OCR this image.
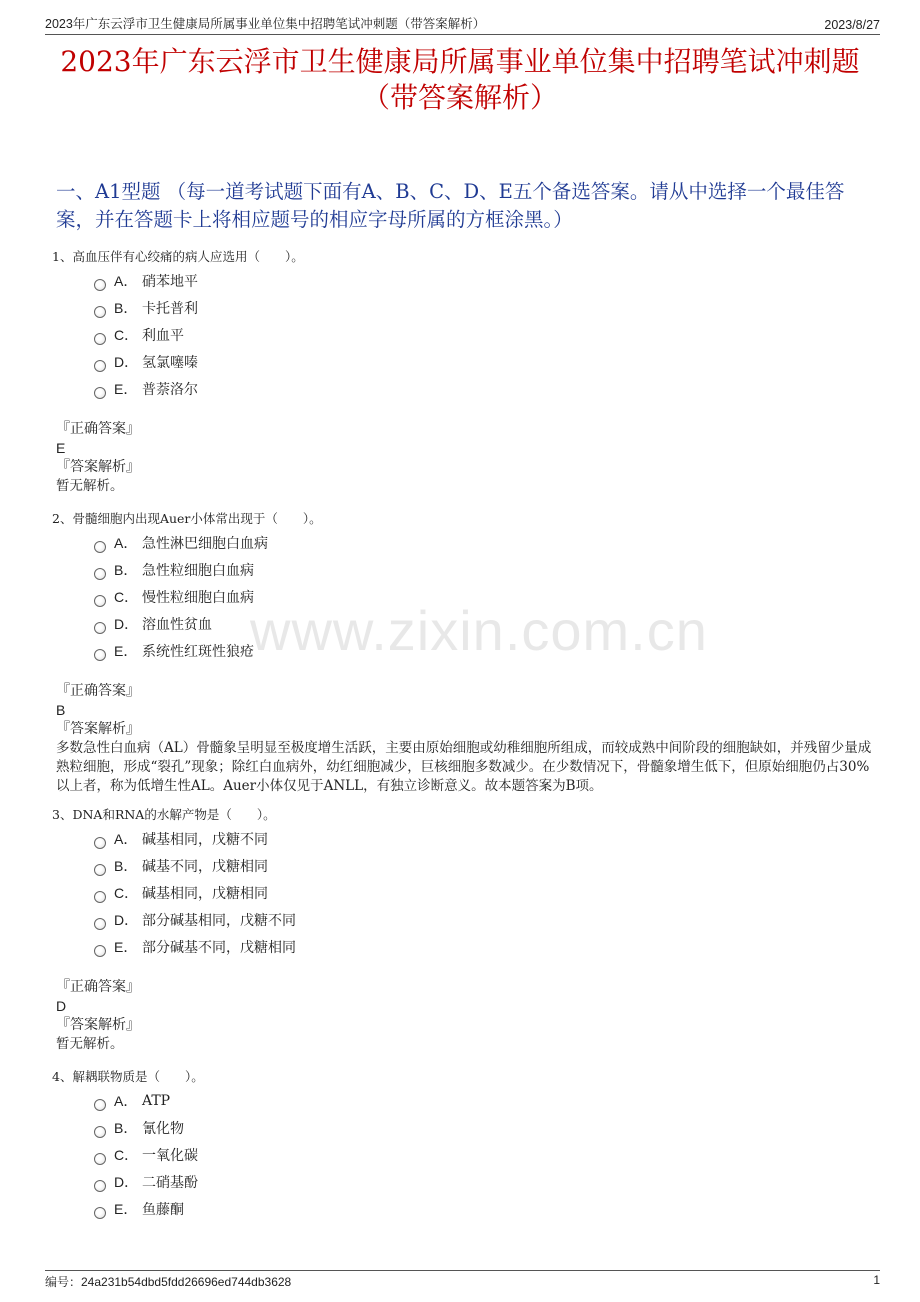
2023年广东云浮市卫生健康局所属事业单位集中招聘笔试冲刺题（带答案解析）	2023/8/27
2023年广东云浮市卫生健康局所属事业单位集中招聘笔试冲刺题（带答案解析）
一、A1型题 （每一道考试题下面有A、B、C、D、E五个备选答案。请从中选择一个最佳答案，并在答题卡上将相应题号的相应字母所属的方框涂黑。）
www.zixin.com.cn
1、高血压伴有心绞痛的病人应选用（　　）。
A． 硝苯地平
B． 卡托普利
C． 利血平
D． 氢氯噻嗪
E． 普萘洛尔
『正确答案』
E
『答案解析』
暂无解析。
2、骨髓细胞内出现Auer小体常出现于（　　）。
A． 急性淋巴细胞白血病
B． 急性粒细胞白血病
C． 慢性粒细胞白血病
D． 溶血性贫血
E． 系统性红斑性狼疮
『正确答案』
B
『答案解析』
多数急性白血病（AL）骨髓象呈明显至极度增生活跃，主要由原始细胞或幼稚细胞所组成，而较成熟中间阶段的细胞缺如，并残留少量成熟粒细胞，形成“裂孔”现象；除红白血病外，幼红细胞减少，巨核细胞多数减少。在少数情况下，骨髓象增生低下，但原始细胞仍占30%以上者，称为低增生性AL。Auer小体仅见于ANLL，有独立诊断意义。故本题答案为B项。
3、DNA和RNA的水解产物是（　　）。
A． 碱基相同，戊糖不同
B． 碱基不同，戊糖相同
C． 碱基相同，戊糖相同
D． 部分碱基相同，戊糖不同
E． 部分碱基不同，戊糖相同
『正确答案』
D
『答案解析』
暂无解析。
4、解耦联物质是（　　）。
A． ATP
B． 氰化物
C． 一氧化碳
D． 二硝基酚
E． 鱼藤酮
编号：24a231b54dbd5fdd26696ed744db3628	1
